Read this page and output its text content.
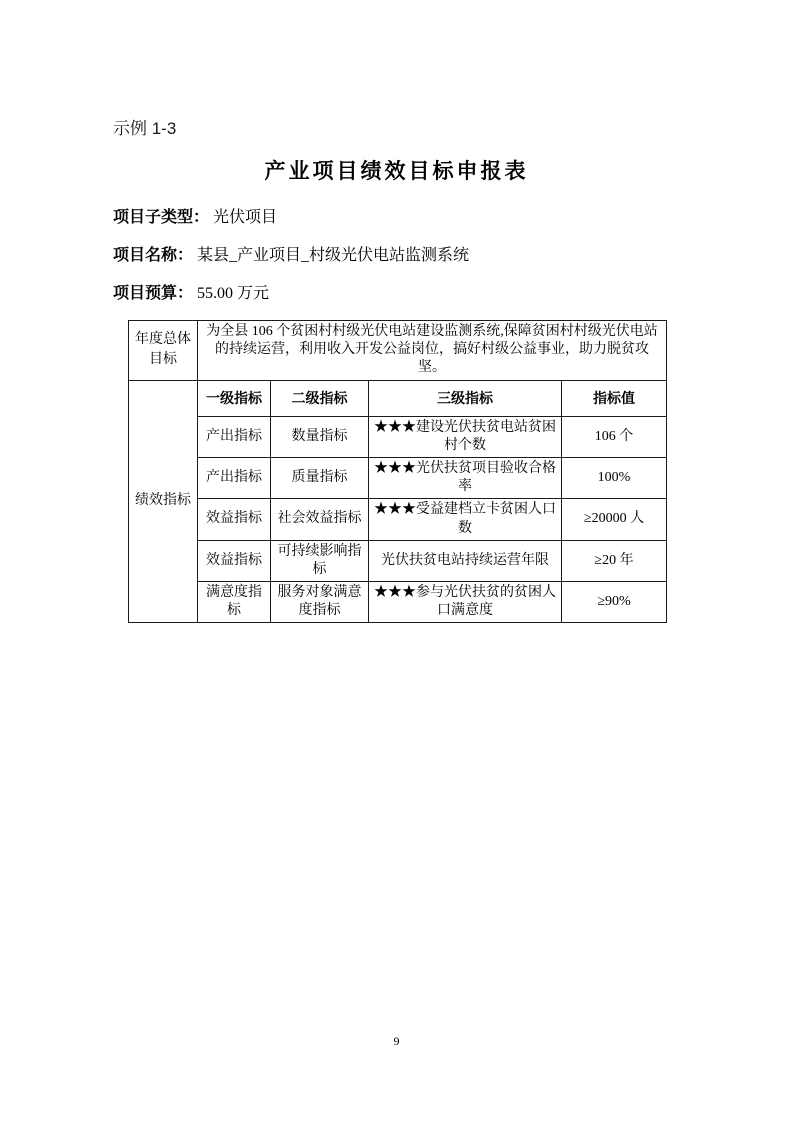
示例 1-3
产业项目绩效目标申报表
项目子类型： 光伏项目
项目名称： 某县_产业项目_村级光伏电站监测系统
项目预算： 55.00 万元
年度总体目标	为全县 106 个贫困村村级光伏电站建设监测系统,保障贫困村村级光伏电站的持续运营，利用收入开发公益岗位，搞好村级公益事业，助力脱贫攻坚。			
绩效指标	一级指标	二级指标	三级指标	指标值
	产出指标	数量指标	★★★建设光伏扶贫电站贫困村个数	106 个
	产出指标	质量指标	★★★光伏扶贫项目验收合格率	100%
	效益指标	社会效益指标	★★★受益建档立卡贫困人口数	≥20000 人
	效益指标	可持续影响指标	光伏扶贫电站持续运营年限	≥20 年
	满意度指标	服务对象满意度指标	★★★参与光伏扶贫的贫困人口满意度	≥90%
9
